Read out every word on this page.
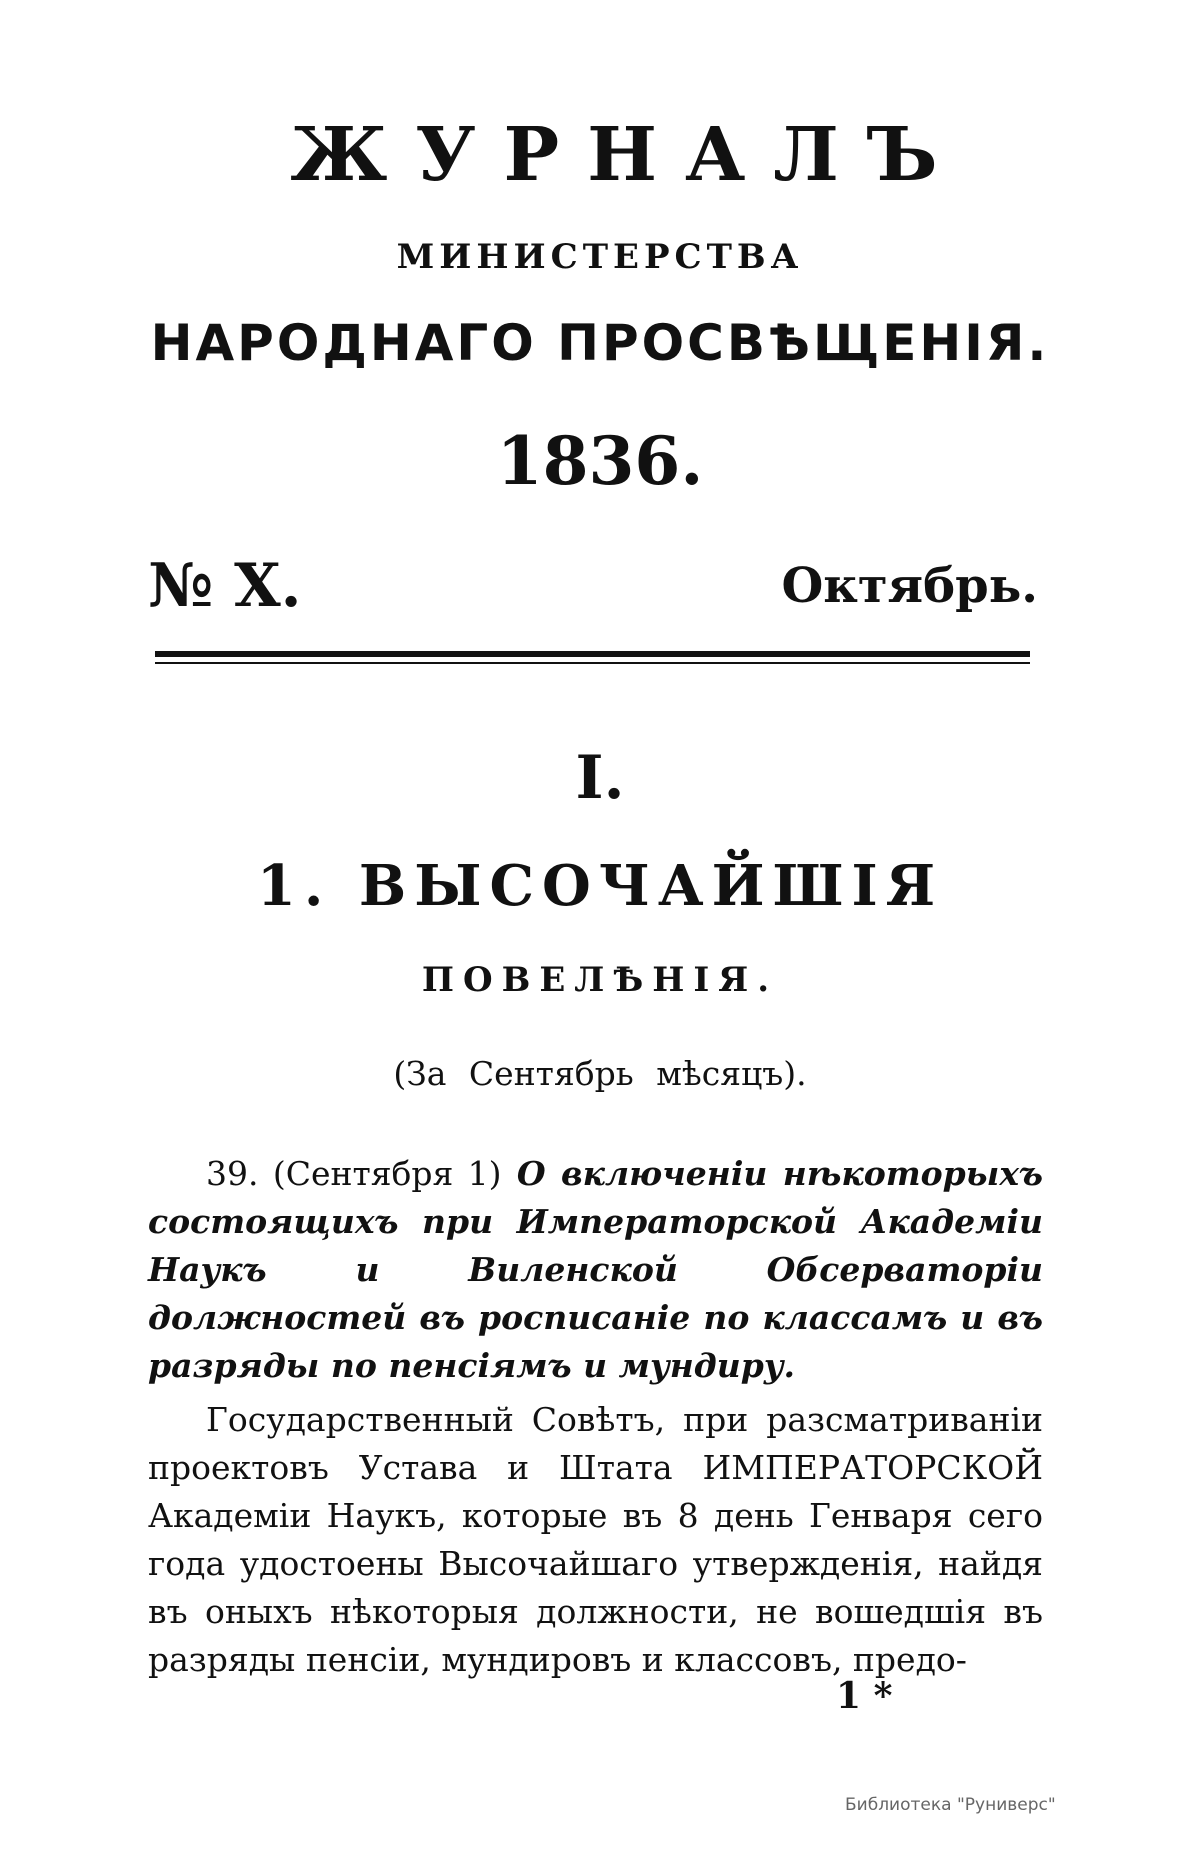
ЖУРНАЛЪ
МИНИСТЕРСТВА
НАРОДНАГО ПРОСВѢЩЕНІЯ.
1836.
№ X.	Октябрь.
I.
1. ВЫСОЧАЙШІЯ
ПОВЕЛѢНІЯ.
(За Сентябрь мѣсяцъ).
39. (Сентября 1) О включеніи нѣкоторыхъ состоящихъ при Императорской Академіи Наукъ и Виленской Обсерваторіи должностей въ росписаніе по классамъ и въ разряды по пенсіямъ и мундиру.
Государственный Совѣтъ, при разсматриваніи проектовъ Устава и Штата ИМПЕРАТОРСКОЙ Академіи Наукъ, которые въ 8 день Генваря сего года удостоены Высочайшаго утвержденія, найдя въ оныхъ нѣкоторыя должности, не вошедшія въ разряды пенсіи, мундировъ и классовъ, предо-
1 *
Библиотека "Руниверс"
